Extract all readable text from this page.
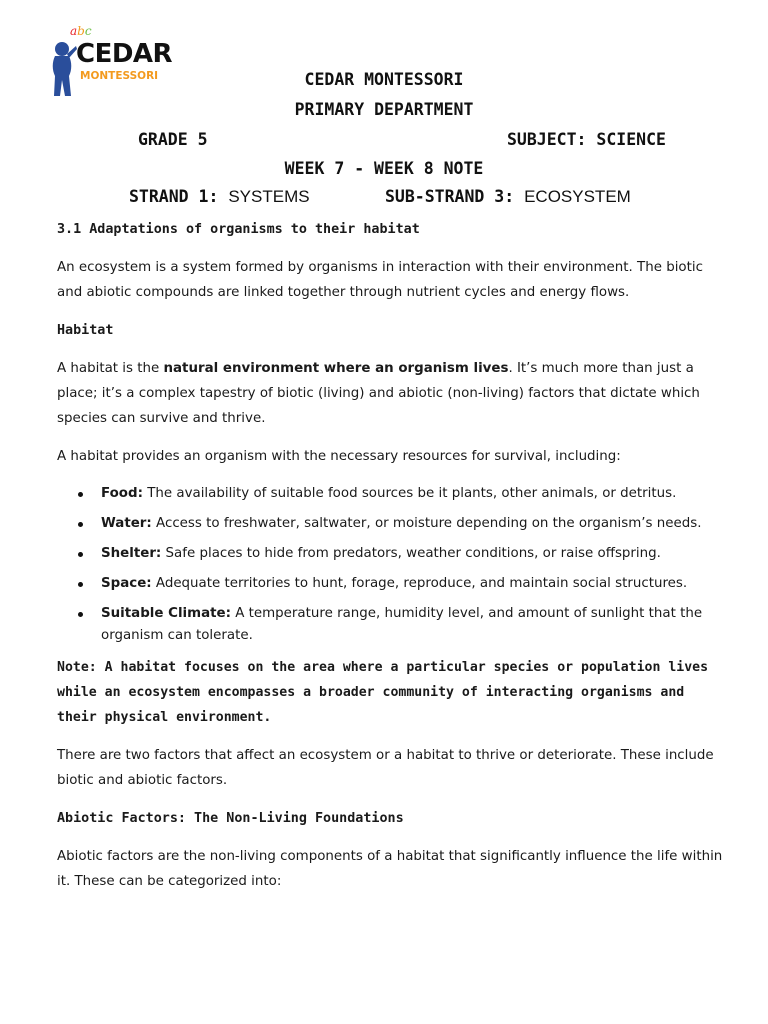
abc
CEDAR
MONTESSORI	CEDAR MONTESSORI
PRIMARY DEPARTMENT
GRADE 5	SUBJECT: SCIENCE
WEEK 7 - WEEK 8 NOTE
STRAND 1: SYSTEMS	SUB-STRAND 3: ECOSYSTEM

3.1 Adaptations of organisms to their habitat

An ecosystem is a system formed by organisms in interaction with their environment. The biotic and abiotic compounds are linked together through nutrient cycles and energy flows.

Habitat

A habitat is the natural environment where an organism lives. It’s much more than just a place; it’s a complex tapestry of biotic (living) and abiotic (non-living) factors that dictate which species can survive and thrive.

A habitat provides an organism with the necessary resources for survival, including:

Food: The availability of suitable food sources be it plants, other animals, or detritus.
Water: Access to freshwater, saltwater, or moisture depending on the organism’s needs.
Shelter: Safe places to hide from predators, weather conditions, or raise offspring.
Space: Adequate territories to hunt, forage, reproduce, and maintain social structures.
Suitable Climate: A temperature range, humidity level, and amount of sunlight that the organism can tolerate.

Note: A habitat focuses on the area where a particular species or population lives while an ecosystem encompasses a broader community of interacting organisms and their physical environment.

There are two factors that affect an ecosystem or a habitat to thrive or deteriorate. These include biotic and abiotic factors.

Abiotic Factors: The Non-Living Foundations

Abiotic factors are the non-living components of a habitat that significantly influence the life within it. These can be categorized into:
